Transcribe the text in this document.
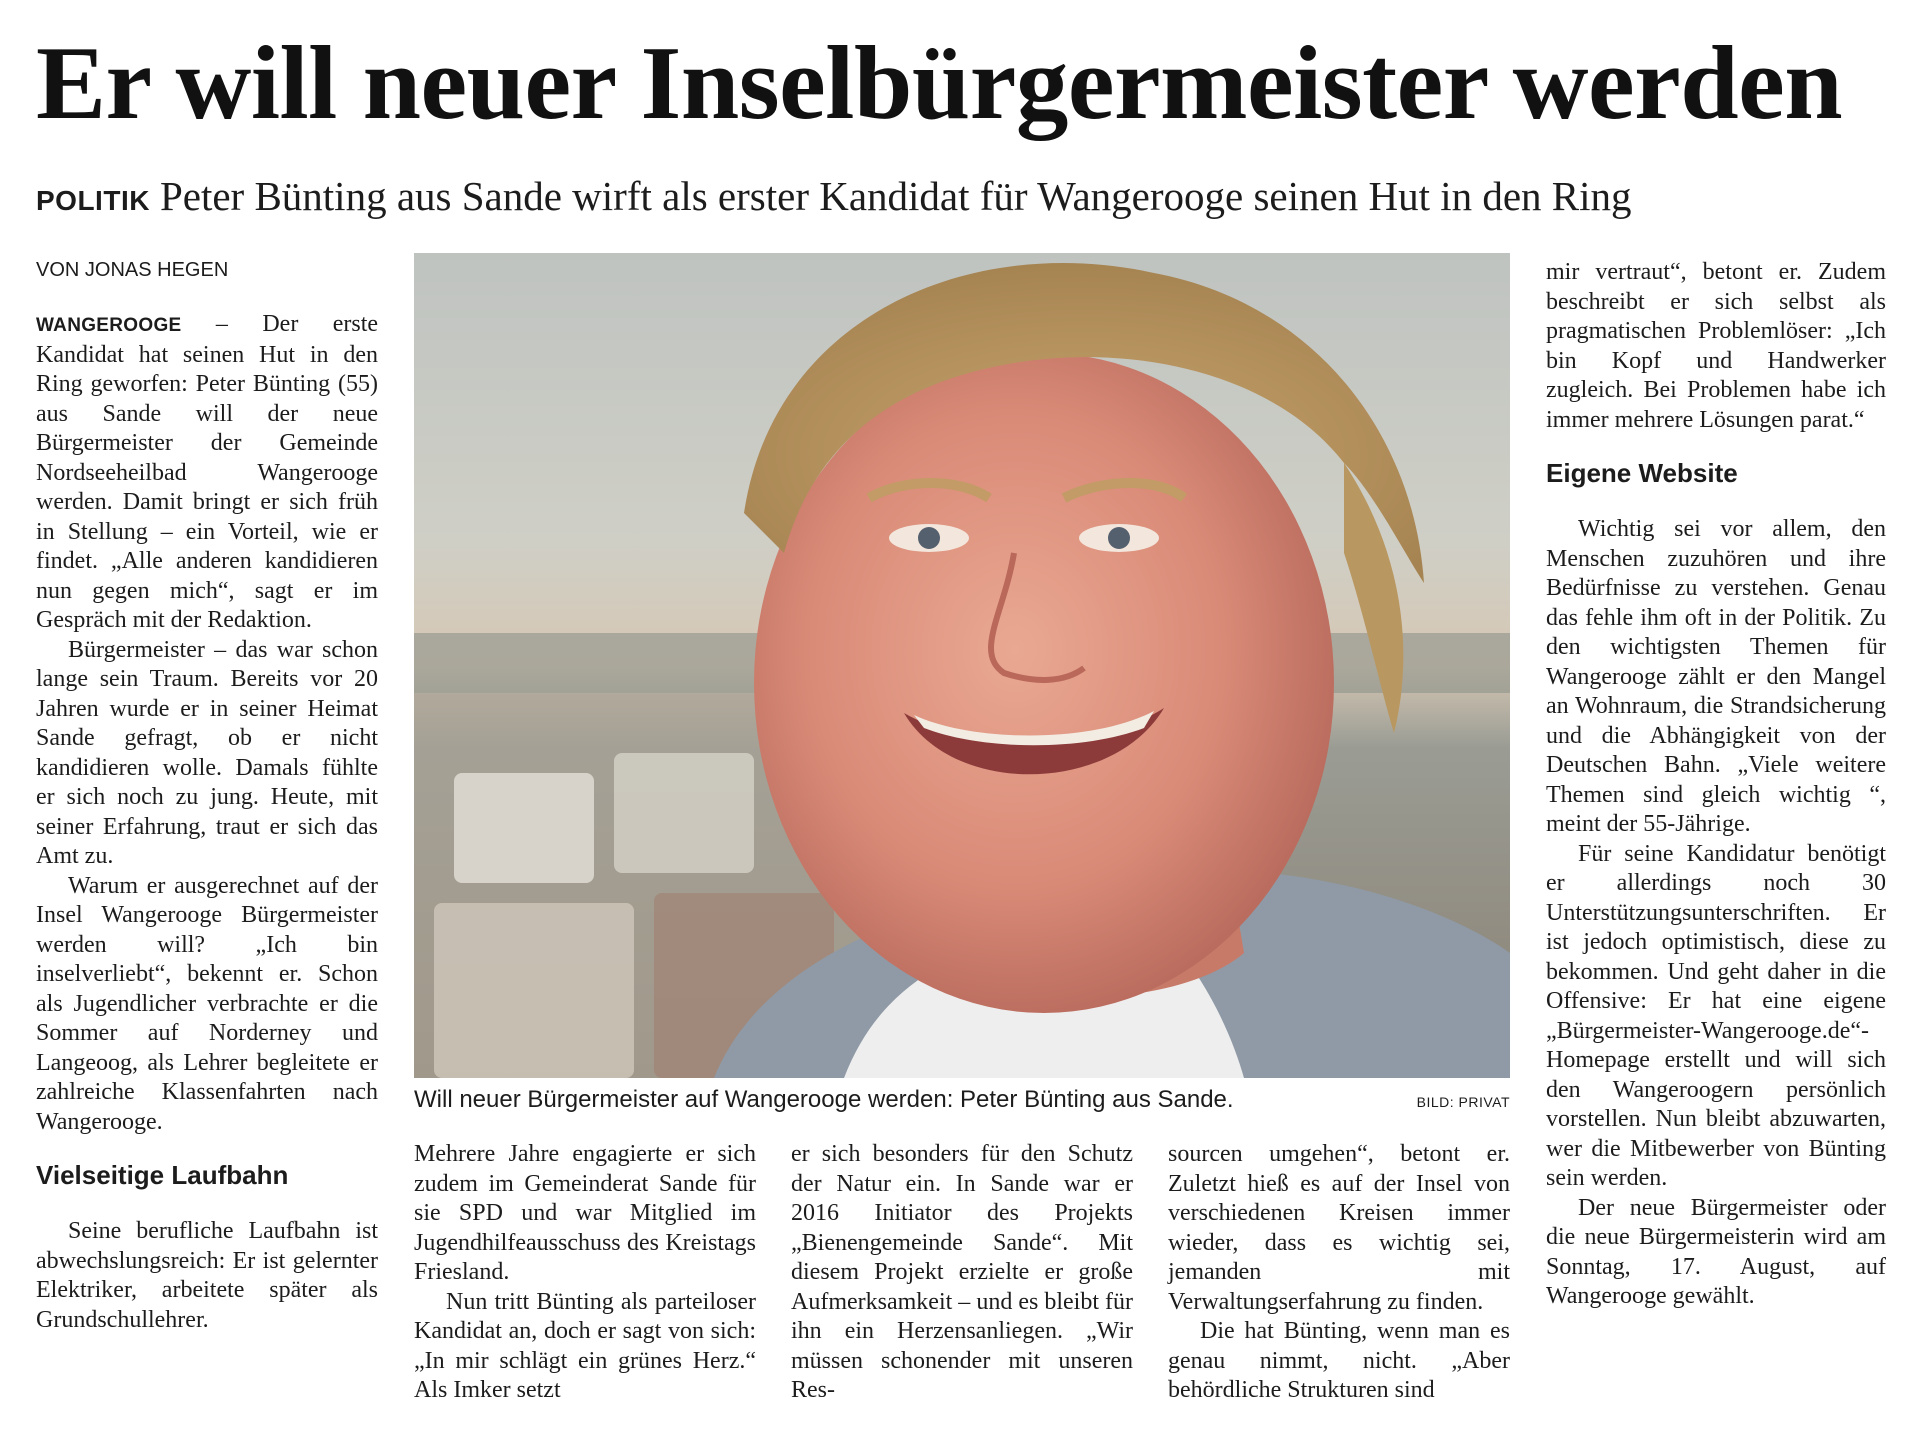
Er will neuer Inselbürgermeister werden
POLITIK Peter Bünting aus Sande wirft als erster Kandidat für Wangerooge seinen Hut in den Ring
VON JONAS HEGEN

WANGEROOGE – Der erste Kandidat hat seinen Hut in den Ring geworfen: Peter Bünting (55) aus Sande will der neue Bürgermeister der Gemeinde Nordseeheilbad Wangerooge werden. Damit bringt er sich früh in Stellung – ein Vorteil, wie er findet. „Alle anderen kandidieren nun gegen mich“, sagt er im Gespräch mit der Redaktion.

Bürgermeister – das war schon lange sein Traum. Bereits vor 20 Jahren wurde er in seiner Heimat Sande gefragt, ob er nicht kandidieren wolle. Damals fühlte er sich noch zu jung. Heute, mit seiner Erfahrung, traut er sich das Amt zu.

Warum er ausgerechnet auf der Insel Wangerooge Bürgermeister werden will? „Ich bin inselverliebt“, bekennt er. Schon als Jugendlicher verbrachte er die Sommer auf Norderney und Langeoog, als Lehrer begleitete er zahlreiche Klassenfahrten nach Wangerooge.

Vielseitige Laufbahn

Seine berufliche Laufbahn ist abwechslungsreich: Er ist gelernter Elektriker, arbeitete später als Grundschullehrer.

Will neuer Bürgermeister auf Wangerooge werden: Peter Bünting aus Sande.	BILD: PRIVAT

Mehrere Jahre engagierte er sich zudem im Gemeinderat Sande für sie SPD und war Mitglied im Jugendhilfeausschuss des Kreistags Friesland.

Nun tritt Bünting als parteiloser Kandidat an, doch er sagt von sich: „In mir schlägt ein grünes Herz.“ Als Imker setzt

er sich besonders für den Schutz der Natur ein. In Sande war er 2016 Initiator des Projekts „Bienengemeinde Sande“. Mit diesem Projekt erzielte er große Aufmerksamkeit – und es bleibt für ihn ein Herzensanliegen. „Wir müssen schonender mit unseren Res-

sourcen umgehen“, betont er. Zuletzt hieß es auf der Insel von verschiedenen Kreisen immer wieder, dass es wichtig sei, jemanden mit Verwaltungserfahrung zu finden.

Die hat Bünting, wenn man es genau nimmt, nicht. „Aber behördliche Strukturen sind

mir vertraut“, betont er. Zudem beschreibt er sich selbst als pragmatischen Problemlöser: „Ich bin Kopf und Handwerker zugleich. Bei Problemen habe ich immer mehrere Lösungen parat.“

Eigene Website

Wichtig sei vor allem, den Menschen zuzuhören und ihre Bedürfnisse zu verstehen. Genau das fehle ihm oft in der Politik. Zu den wichtigsten Themen für Wangerooge zählt er den Mangel an Wohnraum, die Strandsicherung und die Abhängigkeit von der Deutschen Bahn. „Viele weitere Themen sind gleich wichtig “, meint der 55-Jährige.

Für seine Kandidatur benötigt er allerdings noch 30 Unterstützungsunterschriften. Er ist jedoch optimistisch, diese zu bekommen. Und geht daher in die Offensive: Er hat eine eigene „Bürgermeister-Wangerooge.de“-Homepage erstellt und will sich den Wangeroogern persönlich vorstellen. Nun bleibt abzuwarten, wer die Mitbewerber von Bünting sein werden.

Der neue Bürgermeister oder die neue Bürgermeisterin wird am Sonntag, 17. August, auf Wangerooge gewählt.
